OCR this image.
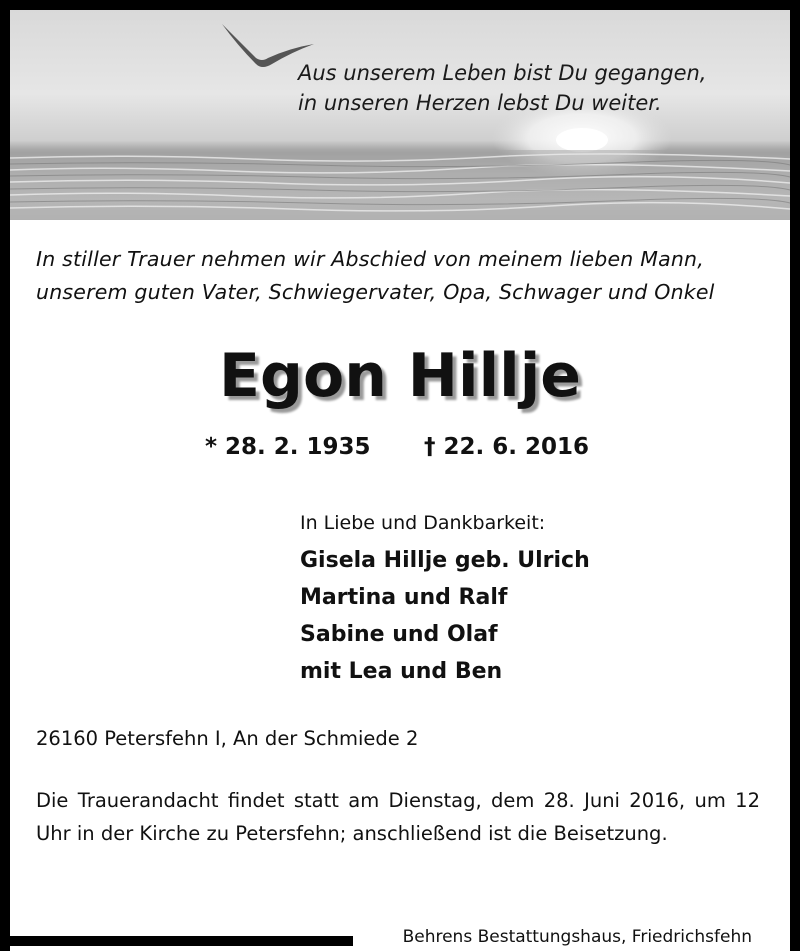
Aus unserem Leben bist Du gegangen,
in unseren Herzen lebst Du weiter.
In stiller Trauer nehmen wir Abschied von meinem lieben Mann,
unserem guten Vater, Schwiegervater, Opa, Schwager und Onkel
Egon Hillje
* 28. 2. 1935 † 22. 6. 2016
In Liebe und Dankbarkeit:
Gisela Hillje geb. Ulrich
Martina und Ralf
Sabine und Olaf
mit Lea und Ben
26160 Petersfehn I, An der Schmiede 2
Die Trauerandacht findet statt am Dienstag, dem 28. Juni 2016, um 12 Uhr in der Kirche zu Petersfehn; anschließend ist die Beisetzung.
Behrens Bestattungshaus, Friedrichsfehn
